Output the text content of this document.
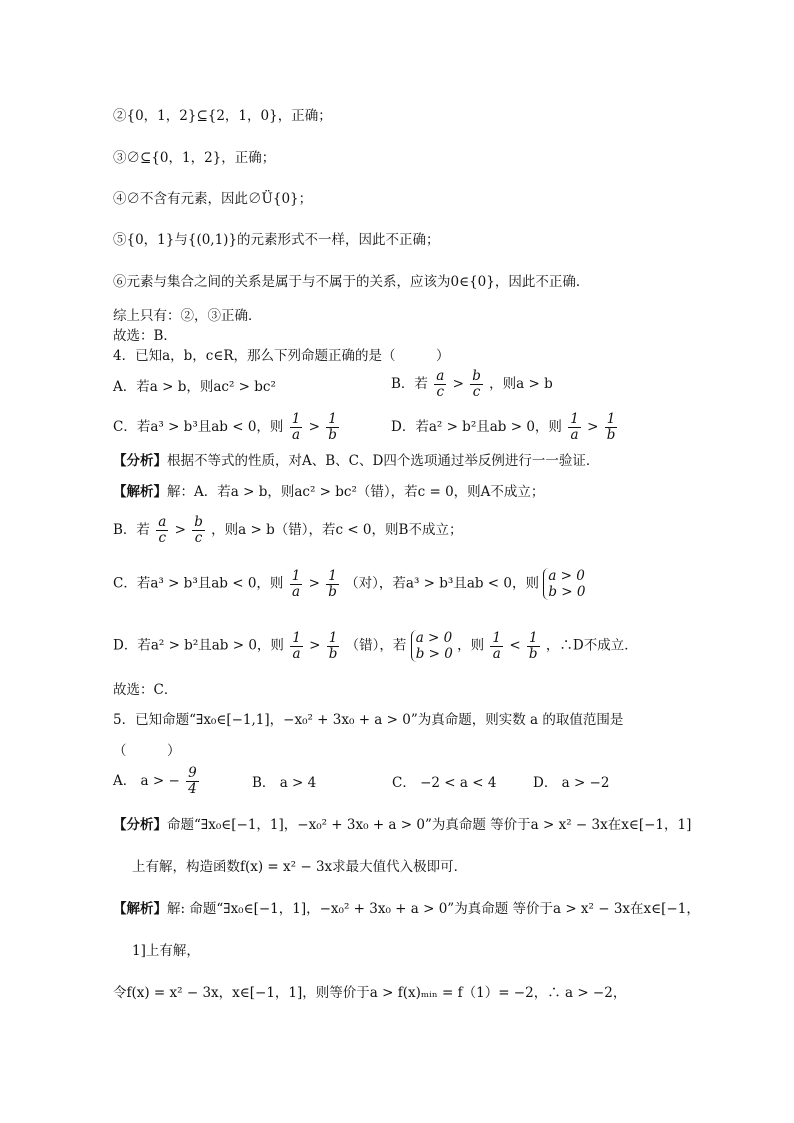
②{0，1，2}⊆{2，1，0}，正确；
③∅⊆{0，1，2}，正确；
④∅不含有元素，因此∅Ü{0}；
⑤{0，1}与{(0,1)}的元素形式不一样，因此不正确；
⑥元素与集合之间的关系是属于与不属于的关系，应该为0∈{0}，因此不正确．
综上只有：②，③正确．
故选：B．
4．已知a，b，c∈R，那么下列命题正确的是（　　　）
A．若a > b，则ac² > bc²	B．若 $\frac{a}{c} > \frac{b}{c}$ ，则a > b
C．若a³ > b³且ab < 0，则 $\frac{1}{a} > \frac{1}{b}$	D．若a² > b²且ab > 0，则 $\frac{1}{a} > \frac{1}{b}$
【分析】根据不等式的性质，对A、B、C、D四个选项通过举反例进行一一验证．
【解析】解：A．若a > b，则ac² > bc²（错），若c = 0，则A不成立；
B．若 $\frac{a}{c} > \frac{b}{c}$ ，则a > b（错），若c < 0，则B不成立；
C．若a³ > b³且ab < 0，则 $\frac{1}{a} > \frac{1}{b}$ （对），若a³ > b³且ab < 0，则 a > 0
b > 0
D．若a² > b²且ab > 0，则 $\frac{1}{a} > \frac{1}{b}$ （错），若 a > 0
b > 0
，则 $\frac{1}{a} < \frac{1}{b}$ ，∴D不成立．
故选：C．
5．已知命题“∃x₀∈[−1,1]，−x₀² + 3x₀ + a > 0”为真命题，则实数 a 的取值范围是
（　　　）
A． a > − $\frac{9}{4}$	B． a > 4	C． −2 < a < 4	D． a > −2
【分析】命题“∃x₀∈[−1，1]，−x₀² + 3x₀ + a > 0”为真命题 等价于a > x² − 3x在x∈[−1，1]
上有解，构造函数f(x) = x² − 3x求最大值代入极即可．
【解析】解: 命题“∃x₀∈[−1，1]，−x₀² + 3x₀ + a > 0”为真命题 等价于a > x² − 3x在x∈[−1，
1]上有解，
令f(x) = x² − 3x，x∈[−1，1]，则等价于a > f(x)ₘᵢₙ = f（1）= −2，∴ a > −2，
